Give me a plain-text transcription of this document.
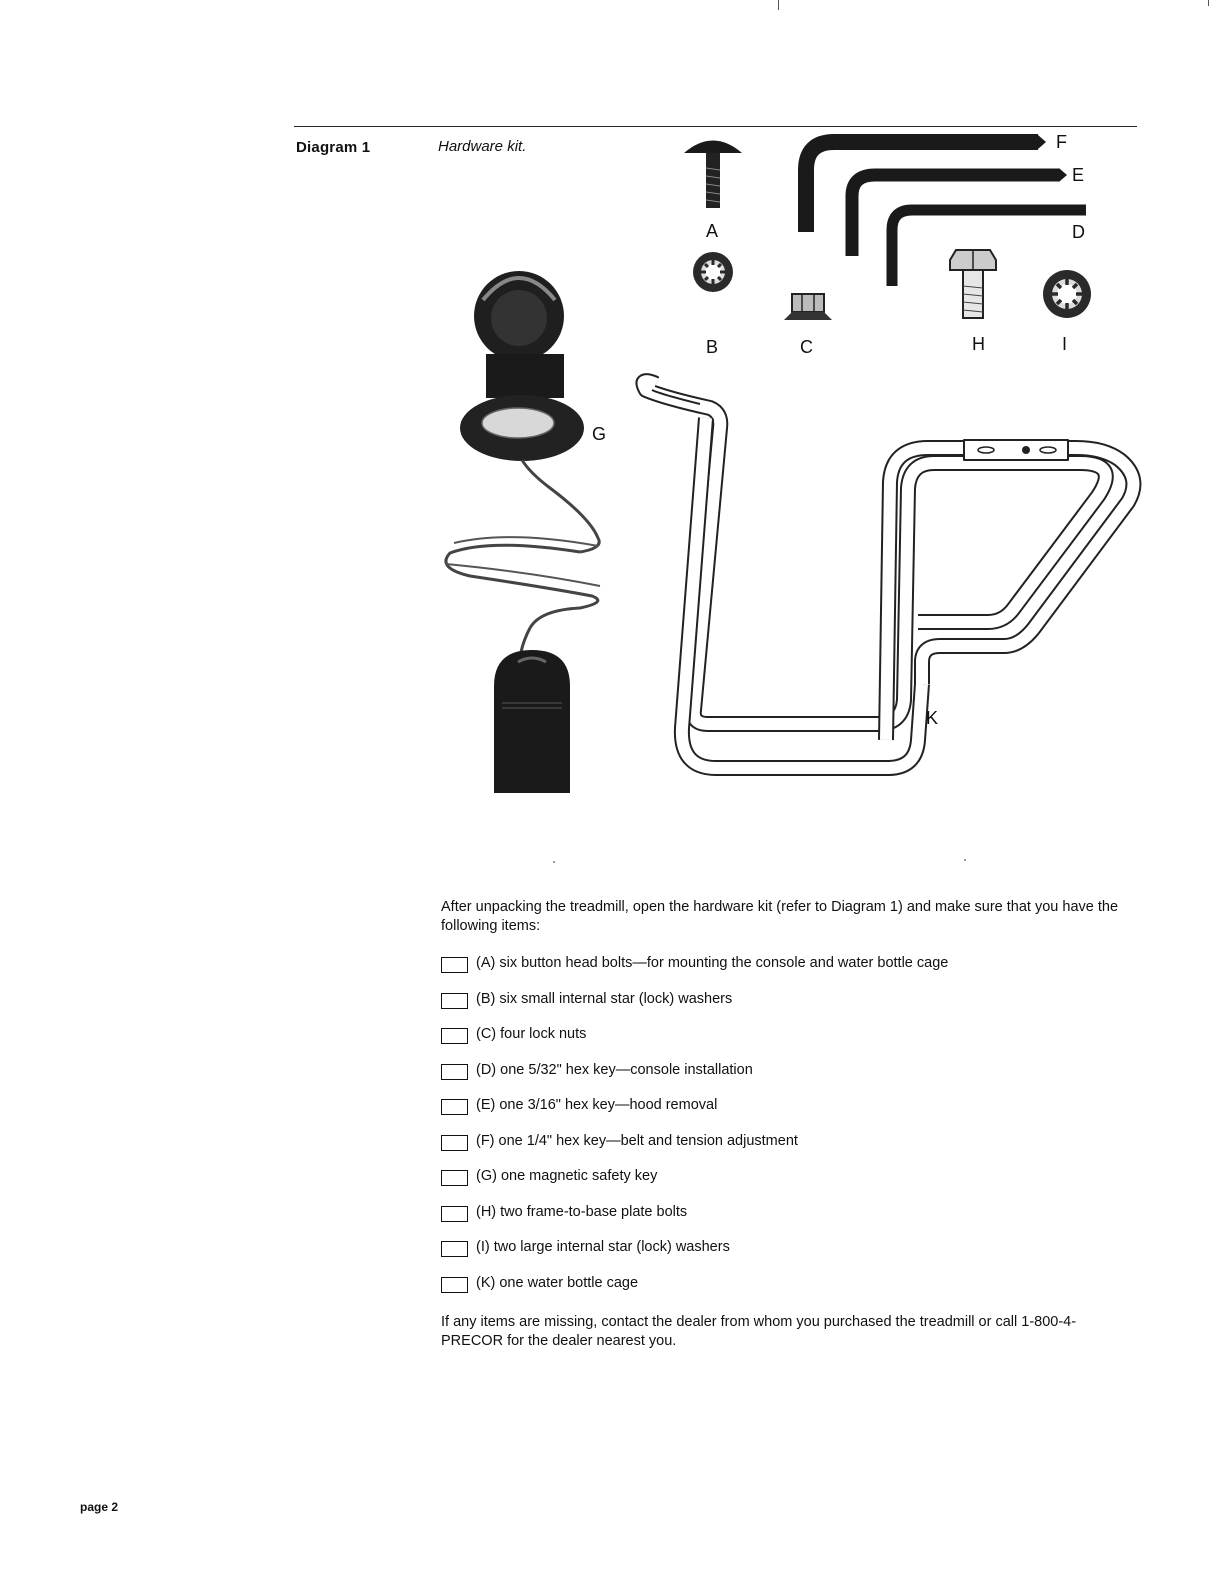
Diagram 1	Hardware kit.
A
B	C
F
E
D
H	I
G
K

After unpacking the treadmill, open the hardware kit (refer to Diagram 1) and make sure that you have the following items:

(A) six button head bolts—for mounting the console and water bottle cage
(B) six small internal star (lock) washers
(C) four lock nuts
(D) one 5/32" hex key—console installation
(E) one 3/16" hex key—hood removal
(F) one 1/4" hex key—belt and tension adjustment
(G) one magnetic safety key
(H) two frame-to-base plate bolts
(I) two large internal star (lock) washers
(K) one water bottle cage

If any items are missing, contact the dealer from whom you purchased the treadmill or call 1-800-4-PRECOR for the dealer nearest you.

page 2
